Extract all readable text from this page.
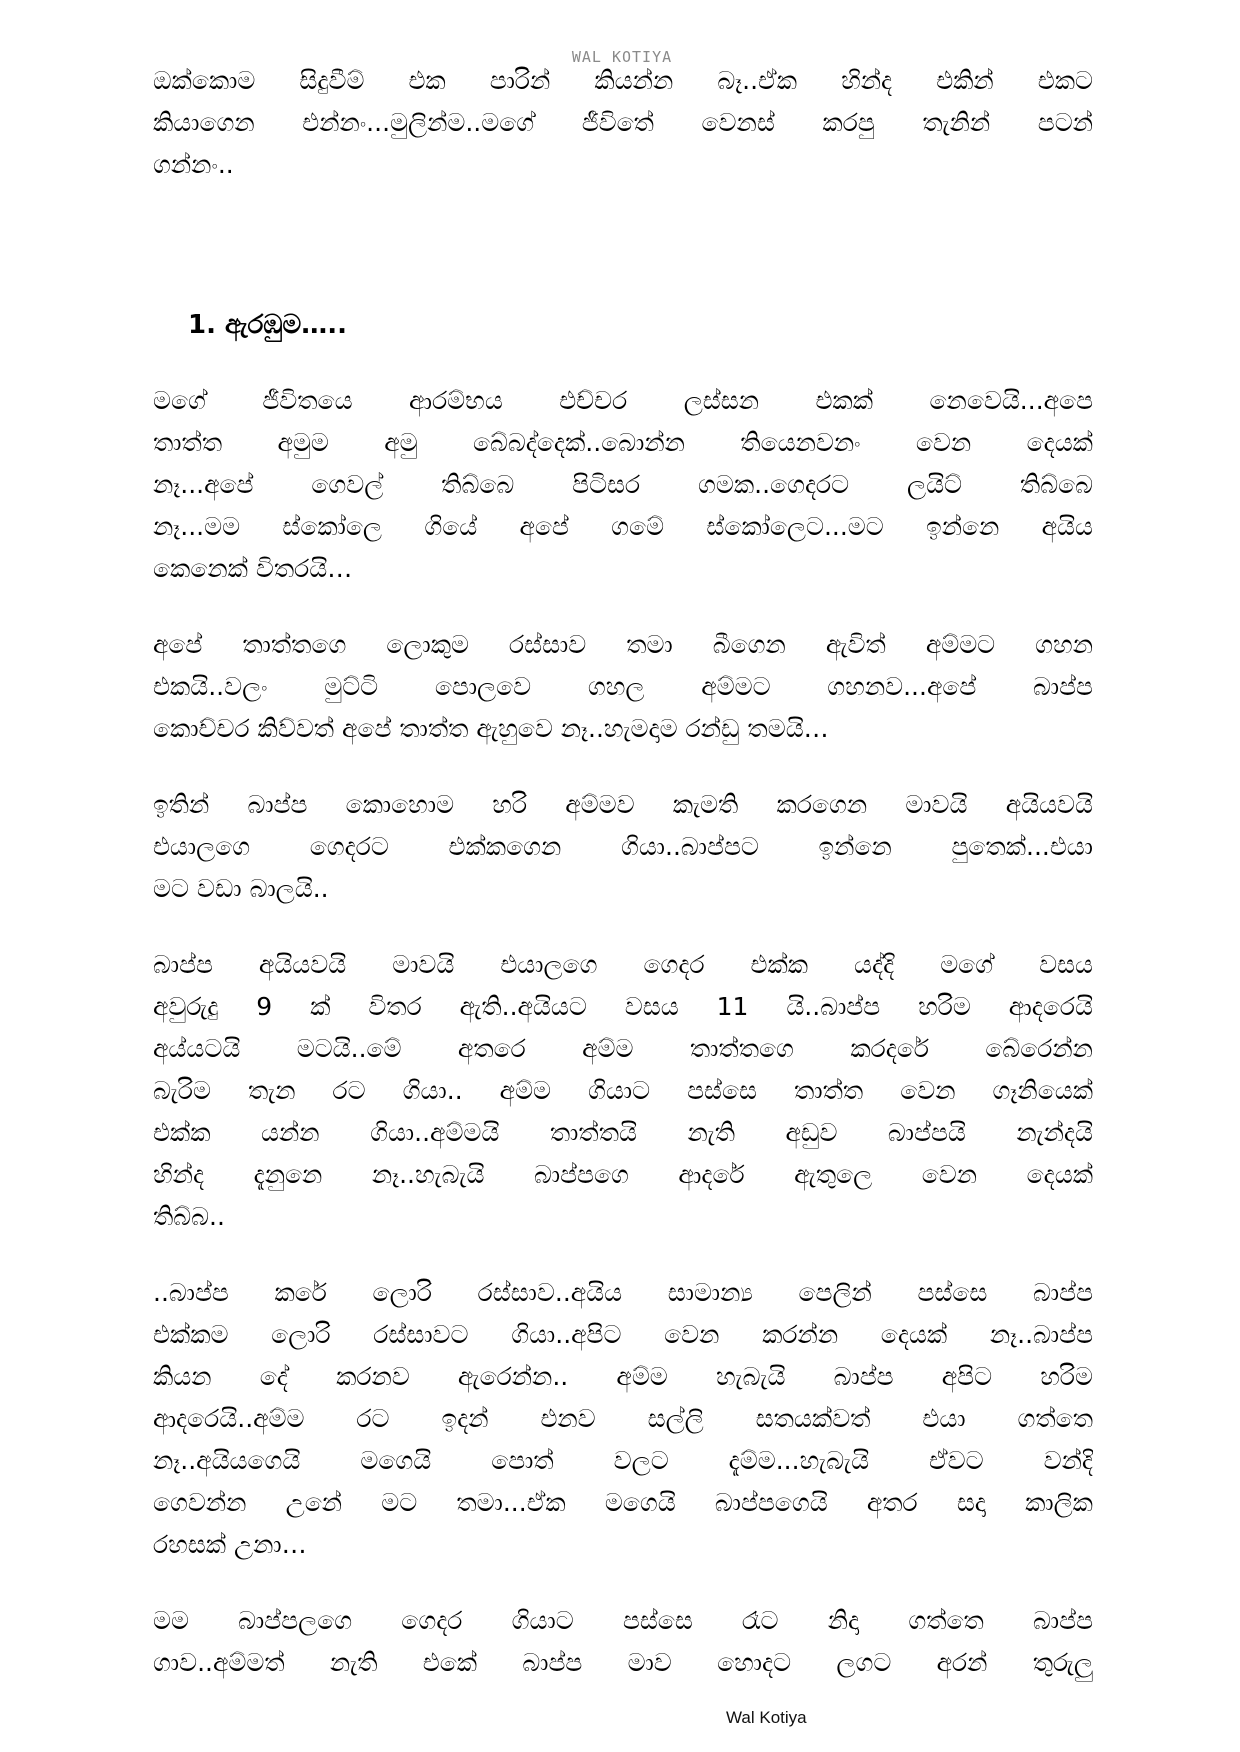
WAL KOTIYA
ඔක්කොම සිදුවීම් එක පාරින් කියන්න බෑ..ඒක හින්ද එකින් එකට
කියාගෙන එන්නං...මුලින්ම..මගේ ජීවිතේ වෙනස් කරපු තැනින් පටන්
ගන්නං..
1. ඇරඹුම…..
මගේ ජීවිතයෙ ආරම්භය එච්චර ලස්සන එකක් නෙවෙයි...අපෙ
තාත්ත අමුම අමු බේබද්දෙක්..බොන්න තියෙනවනං වෙන දෙයක්
නෑ...අපේ ගෙවල් තිබ්බෙ පිටිසර ගමක..ගෙදරට ලයිට් තිබ්බෙ
නෑ...මම ස්කෝලෙ ගියේ අපේ ගමේ ස්කෝලෙට...මට ඉන්නෙ අයිය
කෙනෙක් විතරයි…
අපේ තාත්තගෙ ලොකුම රස්සාව තමා බීගෙන ඇවිත් අම්මට ගහන
එකයි..වලං මුට්ටි පොලවෙ ගහල අම්මට ගහනව...අපේ බාප්ප
කොච්චර කිව්වත් අපේ තාත්ත ඇහුවෙ නෑ..හැමදාම රන්ඩු තමයි…
ඉතින් බාප්ප කොහොම හරි අම්මව කැමති කරගෙන මාවයි අයියවයි
එයාලගෙ ගෙදරට එක්කගෙන ගියා..බාප්පට ඉන්නෙ පුතෙක්...එයා
මට වඩා බාලයි..
බාප්ප අයියවයි මාවයි එයාලගෙ ගෙදර එක්ක යද්දි මගේ වසය
අවුරුදු 9 ක් විතර ඇති..අයියට වසය 11 යි..බාප්ප හරිම ආදරෙයි
අය්යටයි මටයි..මේ අතරෙ අම්ම තාත්තගෙ කරදරේ බේරෙන්න
බැරිම තැන රට ගියා.. අම්ම ගියාට පස්සෙ තාත්ත වෙන ගෑනියෙක්
එක්ක යන්න ගියා..අම්මයි තාත්තයි නැති අඩුව බාප්පයි නැන්දයි
හින්ද දැනුනෙ නෑ..හැබැයි බාප්පගෙ ආදරේ ඇතුලෙ වෙන දෙයක්
තිබ්බ..
..බාප්ප කරේ ලොරි රස්සාව..අයිය සාමාන්‍ය පෙලින් පස්සෙ බාප්ප
එක්කම ලොරි රස්සාවට ගියා..අපිට වෙන කරන්න දෙයක් නෑ..බාප්ප
කියන දේ කරනව ඇරෙන්න.. අම්ම හැබැයි බාප්ප අපිට හරිම
ආදරෙයි..අම්ම රට ඉදන් එනව සල්ලි සතයක්වත් එයා ගත්තෙ
නෑ..අයියගෙයි මගෙයි පොත් වලට දැම්ම...හැබැයි ඒවට වන්දි
ගෙවන්න උනේ මට තමා...ඒක මගෙයි බාප්පගෙයි අතර සදා කාලික
රහසක් උනා…
මම බාප්පලගෙ ගෙදර ගියාට පස්සෙ රෑට නිදා ගත්තෙ බාප්ප
ගාව..අම්මත් නැති එකේ බාප්ප මාව හොදට ලගට අරන් තුරුලු
Wal Kotiya
